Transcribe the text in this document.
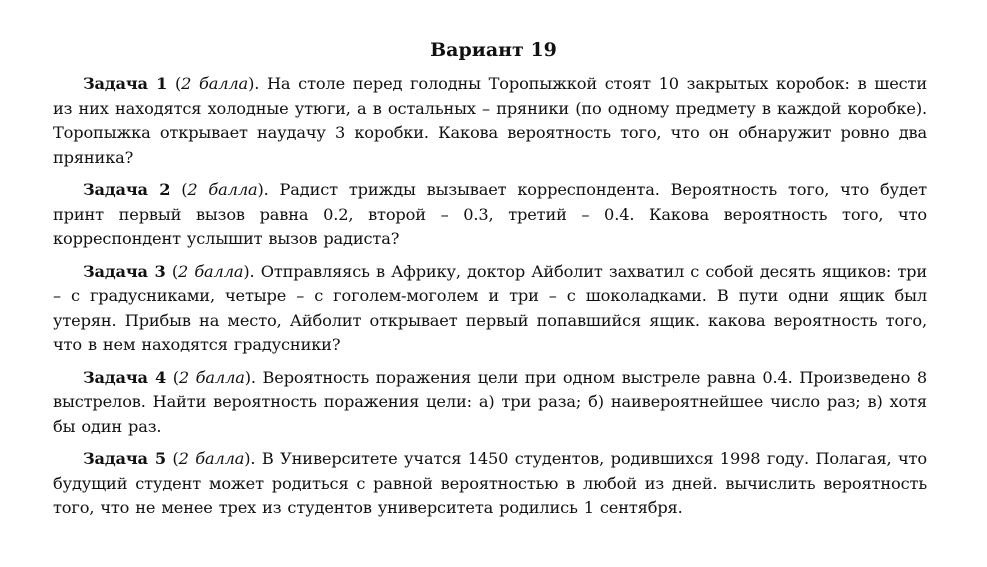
Вариант 19

Задача 1 (2 балла). На столе перед голодны Торопыжкой стоят 10 закрытых коробок: в шести из них находятся холодные утюги, а в остальных – пряники (по одному предмету в каждой коробке). Торопыжка открывает наудачу 3 коробки. Какова вероятность того, что он обнаружит ровно два пряника?

Задача 2 (2 балла). Радист трижды вызывает корреспондента. Вероятность того, что будет принт первый вызов равна 0.2, второй – 0.3, третий – 0.4. Какова вероятность того, что корреспондент услышит вызов радиста?

Задача 3 (2 балла). Отправляясь в Африку, доктор Айболит захватил с собой десять ящиков: три – с градусниками, четыре – с гоголем-моголем и три – с шоколадками. В пути одни ящик был утерян. Прибыв на место, Айболит открывает первый попавшийся ящик. какова вероятность того, что в нем находятся градусники?

Задача 4 (2 балла). Вероятность поражения цели при одном выстреле равна 0.4. Произведено 8 выстрелов. Найти вероятность поражения цели: а) три раза; б) наивероятнейшее число раз; в) хотя бы один раз.

Задача 5 (2 балла). В Университете учатся 1450 студентов, родившихся 1998 году. Полагая, что будущий студент может родиться с равной вероятностью в любой из дней. вычислить вероятность того, что не менее трех из студентов университета родились 1 сентября.
